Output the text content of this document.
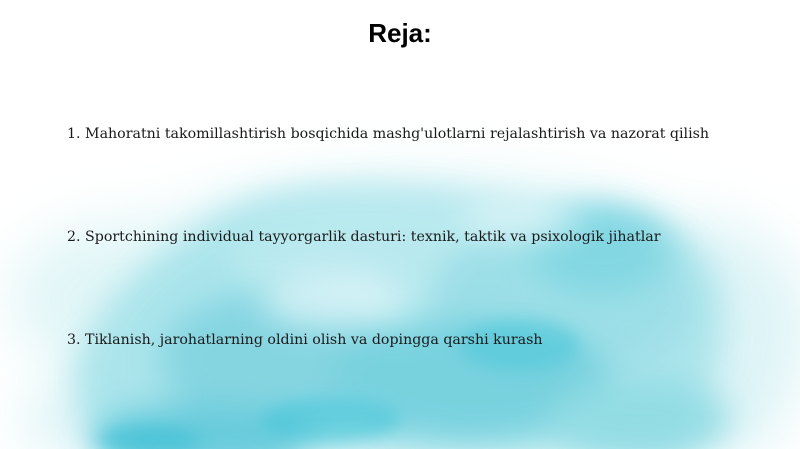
Reja:

1. Mahoratni takomillashtirish bosqichida mashg'ulotlarni rejalashtirish va nazorat qilish

2. Sportchining individual tayyorgarlik dasturi: texnik, taktik va psixologik jihatlar

3. Tiklanish, jarohatlarning oldini olish va dopingga qarshi kurash
